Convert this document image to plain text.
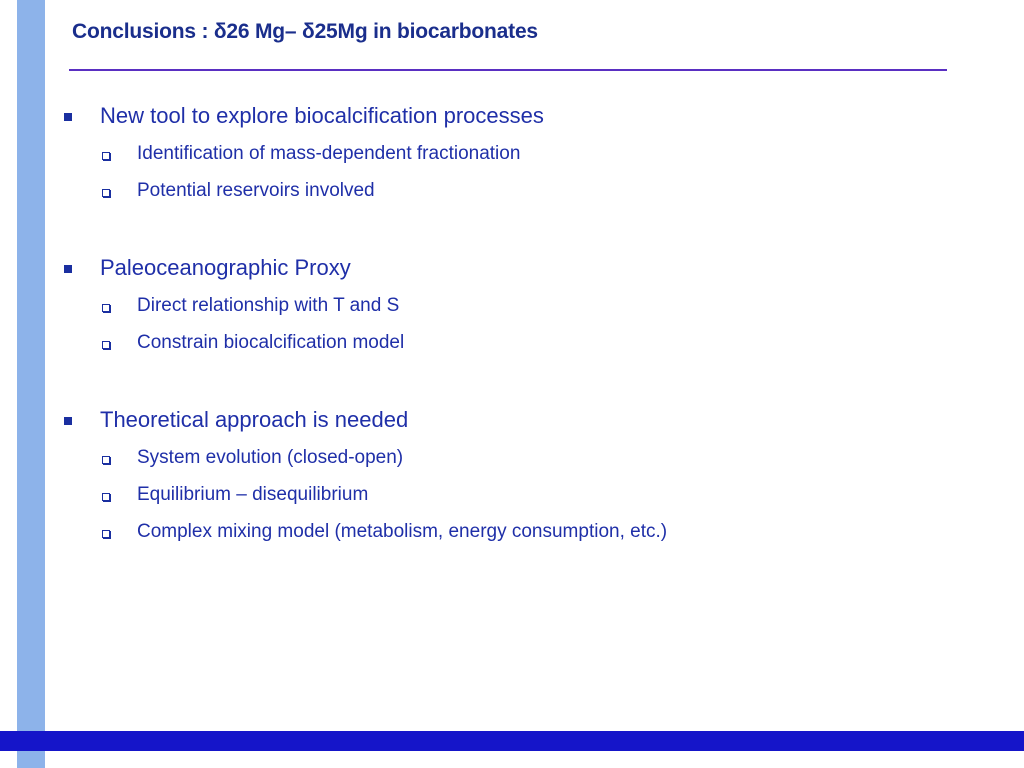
Conclusions : δ26 Mg– δ25Mg in biocarbonates
New tool to explore biocalcification processes
Identification of mass-dependent fractionation
Potential reservoirs involved
Paleoceanographic Proxy
Direct relationship with T and S
Constrain biocalcification model
Theoretical approach is needed
System evolution (closed-open)
Equilibrium – disequilibrium
Complex mixing model (metabolism, energy consumption, etc.)
